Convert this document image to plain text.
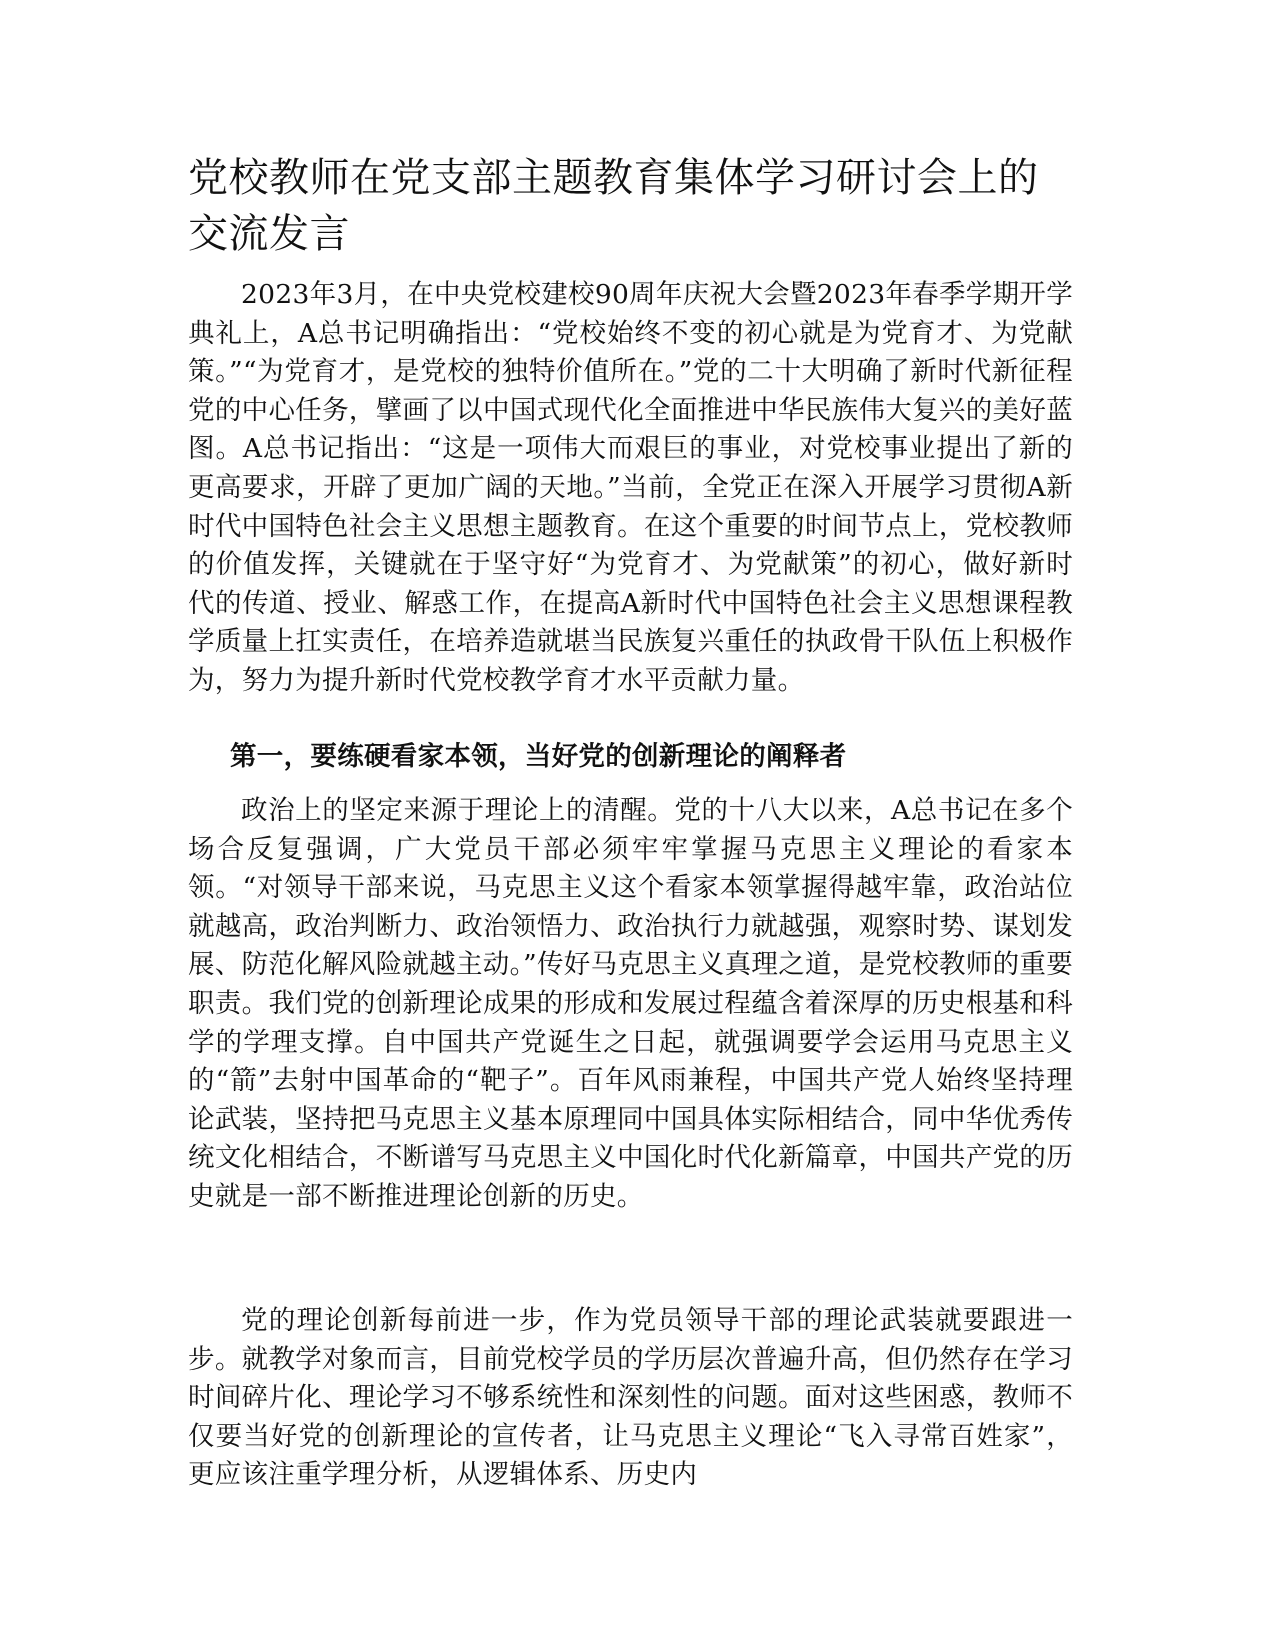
党校教师在党支部主题教育集体学习研讨会上的交流发言

2023年3月，在中央党校建校90周年庆祝大会暨2023年春季学期开学典礼上，A总书记明确指出：“党校始终不变的初心就是为党育才、为党献策。”“为党育才，是党校的独特价值所在。”党的二十大明确了新时代新征程党的中心任务，擘画了以中国式现代化全面推进中华民族伟大复兴的美好蓝图。A总书记指出：“这是一项伟大而艰巨的事业，对党校事业提出了新的更高要求，开辟了更加广阔的天地。”当前，全党正在深入开展学习贯彻A新时代中国特色社会主义思想主题教育。在这个重要的时间节点上，党校教师的价值发挥，关键就在于坚守好“为党育才、为党献策”的初心，做好新时代的传道、授业、解惑工作，在提高A新时代中国特色社会主义思想课程教学质量上扛实责任，在培养造就堪当民族复兴重任的执政骨干队伍上积极作为，努力为提升新时代党校教学育才水平贡献力量。

第一，要练硬看家本领，当好党的创新理论的阐释者

政治上的坚定来源于理论上的清醒。党的十八大以来，A总书记在多个场合反复强调，广大党员干部必须牢牢掌握马克思主义理论的看家本领。“对领导干部来说，马克思主义这个看家本领掌握得越牢靠，政治站位就越高，政治判断力、政治领悟力、政治执行力就越强，观察时势、谋划发展、防范化解风险就越主动。”传好马克思主义真理之道，是党校教师的重要职责。我们党的创新理论成果的形成和发展过程蕴含着深厚的历史根基和科学的学理支撑。自中国共产党诞生之日起，就强调要学会运用马克思主义的“箭”去射中国革命的“靶子”。百年风雨兼程，中国共产党人始终坚持理论武装，坚持把马克思主义基本原理同中国具体实际相结合，同中华优秀传统文化相结合，不断谱写马克思主义中国化时代化新篇章，中国共产党的历史就是一部不断推进理论创新的历史。

党的理论创新每前进一步，作为党员领导干部的理论武装就要跟进一步。就教学对象而言，目前党校学员的学历层次普遍升高，但仍然存在学习时间碎片化、理论学习不够系统性和深刻性的问题。面对这些困惑，教师不仅要当好党的创新理论的宣传者，让马克思主义理论“飞入寻常百姓家”，更应该注重学理分析，从逻辑体系、历史内
